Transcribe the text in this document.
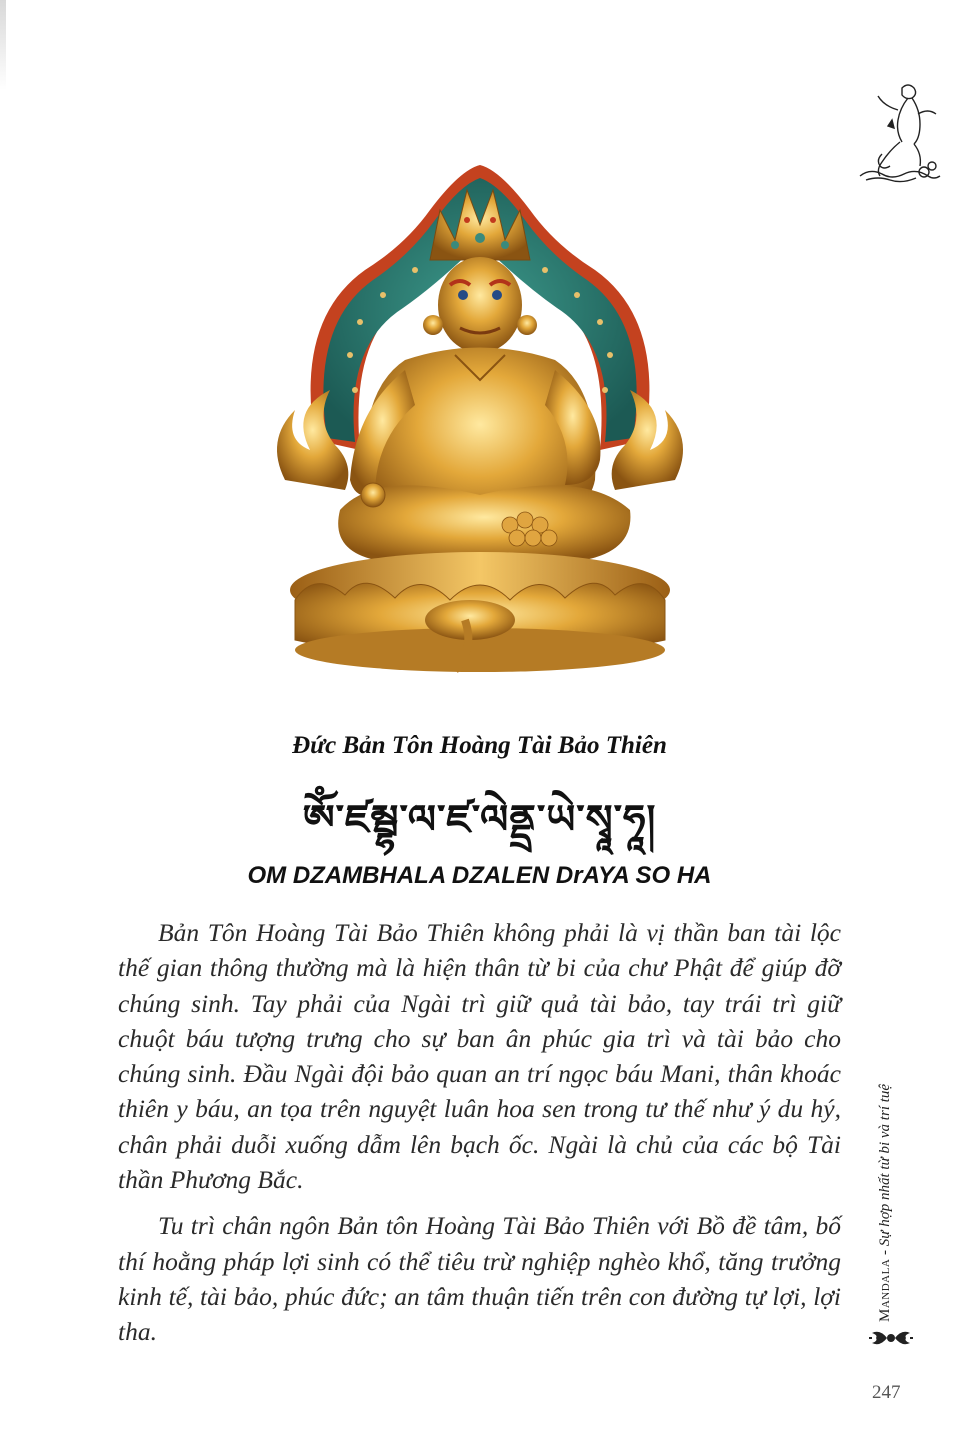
Đức Bản Tôn Hoàng Tài Bảo Thiên
ཨོཾ་ཛམྦྷ་ལ་ཛ་ལེནྡྲ་ཡེ་སྭཱ་ཧཱ།
OM DZAMBHALA DZALEN DrAYA SO HA

Bản Tôn Hoàng Tài Bảo Thiên không phải là vị thần ban tài lộc thế gian thông thường mà là hiện thân từ bi của chư Phật để giúp đỡ chúng sinh. Tay phải của Ngài trì giữ quả tài bảo, tay trái trì giữ chuột báu tượng trưng cho sự ban ân phúc gia trì và tài bảo cho chúng sinh. Đầu Ngài đội bảo quan an trí ngọc báu Mani, thân khoác thiên y báu, an tọa trên nguyệt luân hoa sen trong tư thế như ý du hý, chân phải duỗi xuống dẫm lên bạch ốc. Ngài là chủ của các bộ Tài thần Phương Bắc.

Tu trì chân ngôn Bản tôn Hoàng Tài Bảo Thiên với Bồ đề tâm, bố thí hoằng pháp lợi sinh có thể tiêu trừ nghiệp nghèo khổ, tăng trưởng kinh tế, tài bảo, phúc đức; an tâm thuận tiến trên con đường tự lợi, lợi tha.

Mandala - Sự hợp nhất từ bi và trí tuệ
247
